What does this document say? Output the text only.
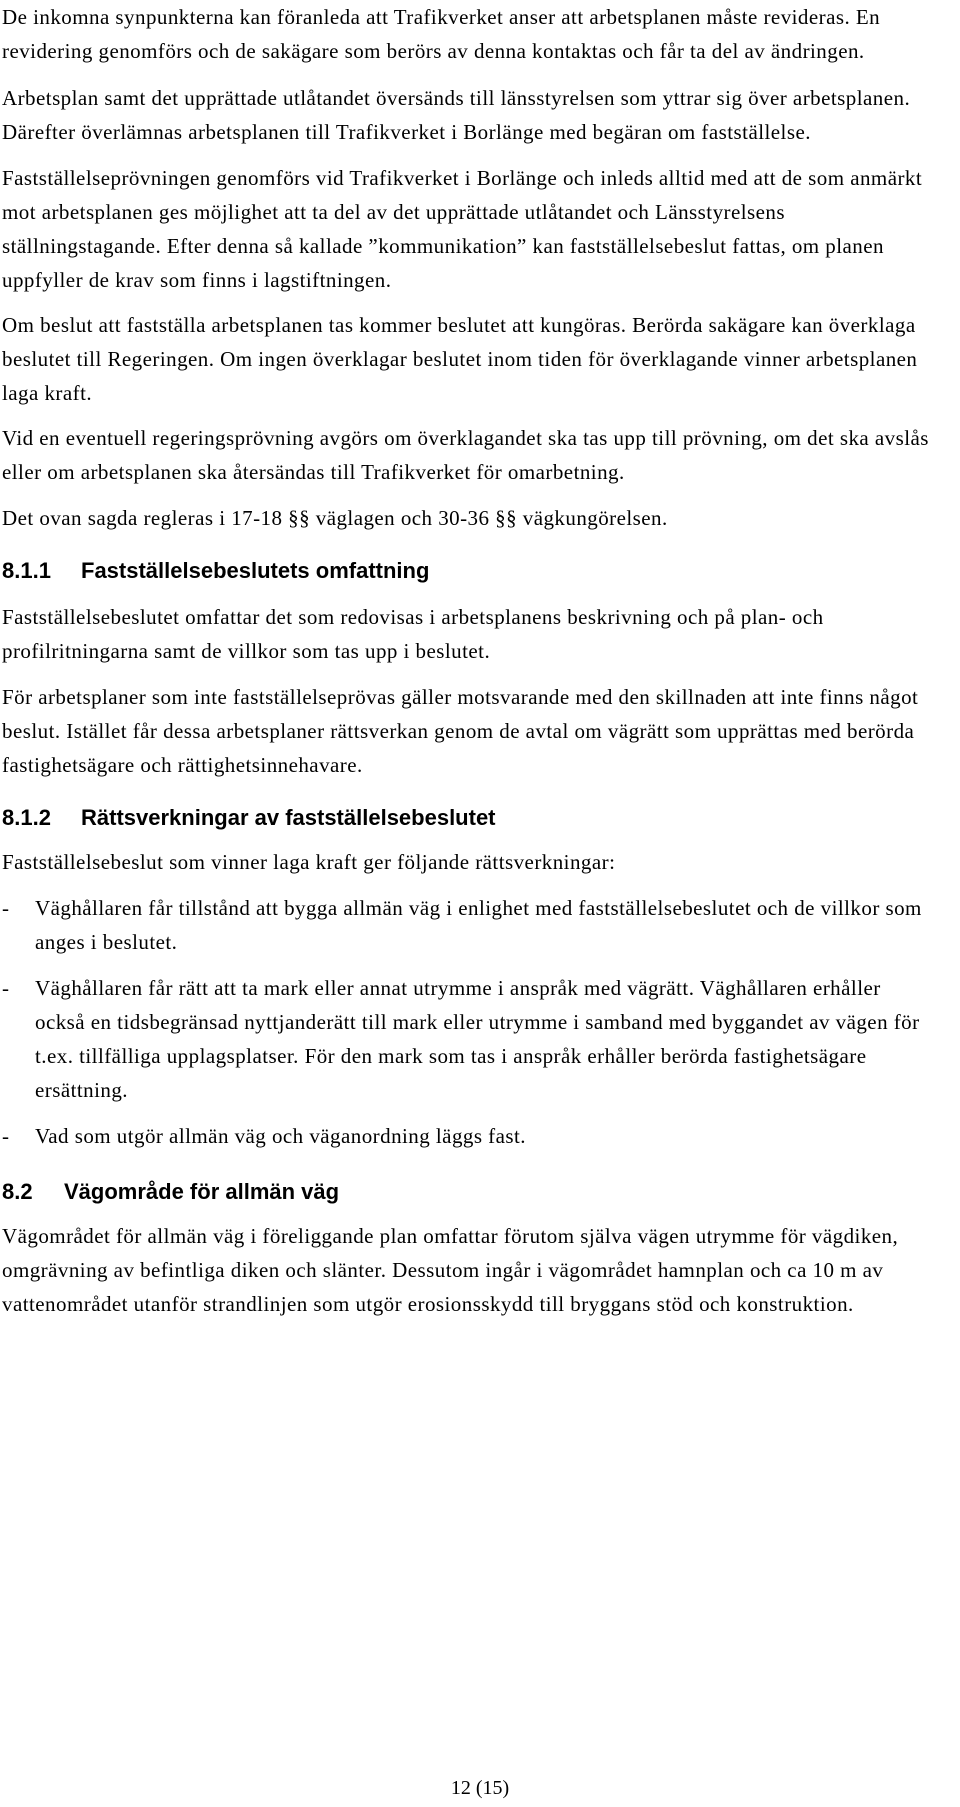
De inkomna synpunkterna kan föranleda att Trafikverket anser att arbetsplanen måste revideras. En revidering genomförs och de sakägare som berörs av denna kontaktas och får ta del av ändringen.

Arbetsplan samt det upprättade utlåtandet översänds till länsstyrelsen som yttrar sig över arbetsplanen. Därefter överlämnas arbetsplanen till Trafikverket i Borlänge med begäran om fastställelse.

Fastställelseprövningen genomförs vid Trafikverket i Borlänge och inleds alltid med att de som anmärkt mot arbetsplanen ges möjlighet att ta del av det upprättade utlåtandet och Länsstyrelsens ställningstagande. Efter denna så kallade ”kommunikation” kan fastställelsebeslut fattas, om planen uppfyller de krav som finns i lagstiftningen.

Om beslut att fastställa arbetsplanen tas kommer beslutet att kungöras. Berörda sakägare kan överklaga beslutet till Regeringen. Om ingen överklagar beslutet inom tiden för överklagande vinner arbetsplanen laga kraft.

Vid en eventuell regeringsprövning avgörs om överklagandet ska tas upp till prövning, om det ska avslås eller om arbetsplanen ska återsändas till Trafikverket för omarbetning.

Det ovan sagda regleras i 17-18 §§ väglagen och 30-36 §§ vägkungörelsen.

8.1.1	Fastställelsebeslutets omfattning

Fastställelsebeslutet omfattar det som redovisas i arbetsplanens beskrivning och på plan- och profilritningarna samt de villkor som tas upp i beslutet.

För arbetsplaner som inte fastställelseprövas gäller motsvarande med den skillnaden att inte finns något beslut. Istället får dessa arbetsplaner rättsverkan genom de avtal om vägrätt som upprättas med berörda fastighetsägare och rättighetsinnehavare.

8.1.2	Rättsverkningar av fastställelsebeslutet

Fastställelsebeslut som vinner laga kraft ger följande rättsverkningar:

- Väghållaren får tillstånd att bygga allmän väg i enlighet med fastställelsebeslutet och de villkor som anges i beslutet.
- Väghållaren får rätt att ta mark eller annat utrymme i anspråk med vägrätt. Väghållaren erhåller också en tidsbegränsad nyttjanderätt till mark eller utrymme i samband med byggandet av vägen för t.ex. tillfälliga upplagsplatser. För den mark som tas i anspråk erhåller berörda fastighetsägare ersättning.
- Vad som utgör allmän väg och väganordning läggs fast.
8.2	Vägområde för allmän väg

Vägområdet för allmän väg i föreliggande plan omfattar förutom själva vägen utrymme för vägdiken, omgrävning av befintliga diken och slänter. Dessutom ingår i vägområdet hamnplan och ca 10 m av vattenområdet utanför strandlinjen som utgör erosionsskydd till bryggans stöd och konstruktion.

12 (15)
